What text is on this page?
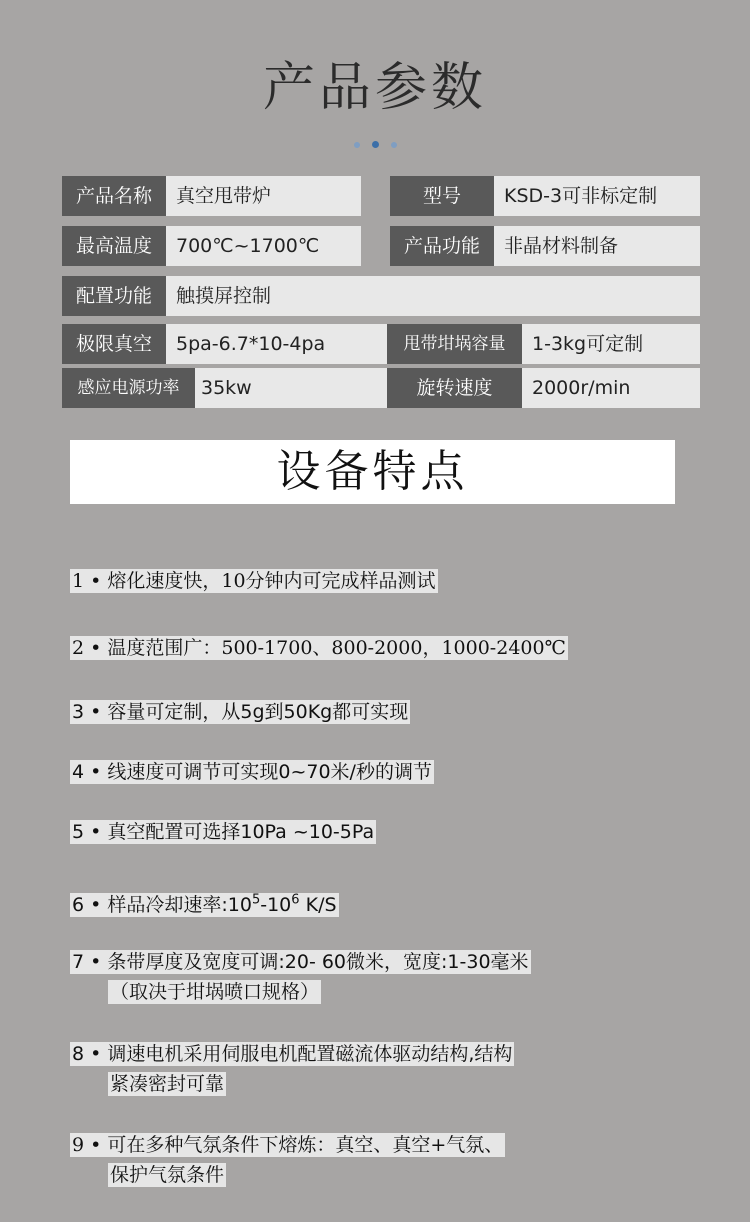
产品参数
产品名称	真空甩带炉	型号	KSD-3可非标定制
最高温度	700℃~1700℃	产品功能	非晶材料制备
配置功能	触摸屏控制
极限真空	5pa-6.7*10-4pa	甩带坩埚容量	1-3kg可定制
感应电源功率	35kw	旋转速度	2000r/min
设备特点
1 • 熔化速度快，10分钟内可完成样品测试
2 • 温度范围广：500-1700、800-2000，1000-2400℃
3 • 容量可定制，从5g到50Kg都可实现
4 • 线速度可调节可实现0~70米/秒的调节
5 • 真空配置可选择10Pa ~10-5Pa
6 • 样品冷却速率$:10^5-10^6$ K/S
7 • 条带厚度及宽度可调:20- 60微米，宽度:1-30毫米
（取决于坩埚喷口规格）
8 • 调速电机采用伺服电机配置磁流体驱动结构,结构
紧凑密封可靠
9 • 可在多种气氛条件下熔炼：真空、真空+气氛、
保护气氛条件
